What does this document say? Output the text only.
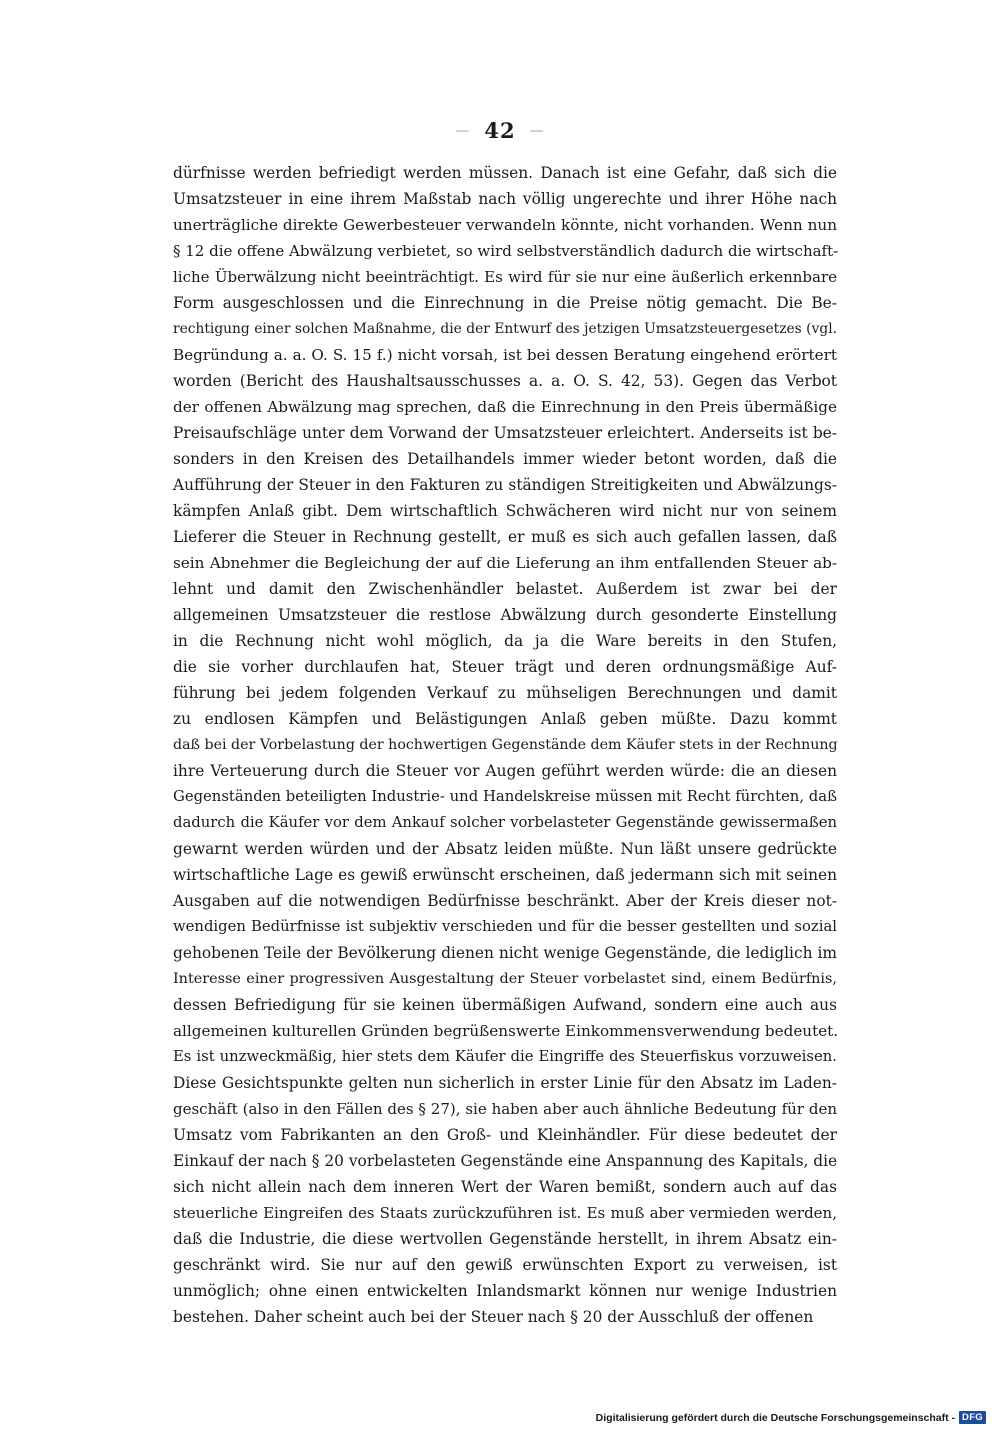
— 42 —
dürfnisse werden befriedigt werden müssen. Danach ist eine Gefahr, daß sich die
Umsatzsteuer in eine ihrem Maßstab nach völlig ungerechte und ihrer Höhe nach
unerträgliche direkte Gewerbesteuer verwandeln könnte, nicht vorhanden. Wenn nun
§ 12 die offene Abwälzung verbietet, so wird selbstverständlich dadurch die wirtschaft-
liche Überwälzung nicht beeinträchtigt. Es wird für sie nur eine äußerlich erkennbare
Form ausgeschlossen und die Einrechnung in die Preise nötig gemacht. Die Be-
rechtigung einer solchen Maßnahme, die der Entwurf des jetzigen Umsatzsteuergesetzes (vgl.
Begründung a. a. O. S. 15 f.) nicht vorsah, ist bei dessen Beratung eingehend erörtert
worden (Bericht des Haushaltsausschusses a. a. O. S. 42, 53). Gegen das Verbot
der offenen Abwälzung mag sprechen, daß die Einrechnung in den Preis übermäßige
Preisaufschläge unter dem Vorwand der Umsatzsteuer erleichtert. Anderseits ist be-
sonders in den Kreisen des Detailhandels immer wieder betont worden, daß die
Aufführung der Steuer in den Fakturen zu ständigen Streitigkeiten und Abwälzungs-
kämpfen Anlaß gibt. Dem wirtschaftlich Schwächeren wird nicht nur von seinem
Lieferer die Steuer in Rechnung gestellt, er muß es sich auch gefallen lassen, daß
sein Abnehmer die Begleichung der auf die Lieferung an ihm entfallenden Steuer ab-
lehnt und damit den Zwischenhändler belastet. Außerdem ist zwar bei der
allgemeinen Umsatzsteuer die restlose Abwälzung durch gesonderte Einstellung
in die Rechnung nicht wohl möglich, da ja die Ware bereits in den Stufen,
die sie vorher durchlaufen hat, Steuer trägt und deren ordnungsmäßige Auf-
führung bei jedem folgenden Verkauf zu mühseligen Berechnungen und damit
zu endlosen Kämpfen und Belästigungen Anlaß geben müßte. Dazu kommt
daß bei der Vorbelastung der hochwertigen Gegenstände dem Käufer stets in der Rechnung
ihre Verteuerung durch die Steuer vor Augen geführt werden würde: die an diesen
Gegenständen beteiligten Industrie- und Handelskreise müssen mit Recht fürchten, daß
dadurch die Käufer vor dem Ankauf solcher vorbelasteter Gegenstände gewissermaßen
gewarnt werden würden und der Absatz leiden müßte. Nun läßt unsere gedrückte
wirtschaftliche Lage es gewiß erwünscht erscheinen, daß jedermann sich mit seinen
Ausgaben auf die notwendigen Bedürfnisse beschränkt. Aber der Kreis dieser not-
wendigen Bedürfnisse ist subjektiv verschieden und für die besser gestellten und sozial
gehobenen Teile der Bevölkerung dienen nicht wenige Gegenstände, die lediglich im
Interesse einer progressiven Ausgestaltung der Steuer vorbelastet sind, einem Bedürfnis,
dessen Befriedigung für sie keinen übermäßigen Aufwand, sondern eine auch aus
allgemeinen kulturellen Gründen begrüßenswerte Einkommensverwendung bedeutet.
Es ist unzweckmäßig, hier stets dem Käufer die Eingriffe des Steuerfiskus vorzuweisen.
Diese Gesichtspunkte gelten nun sicherlich in erster Linie für den Absatz im Laden-
geschäft (also in den Fällen des § 27), sie haben aber auch ähnliche Bedeutung für den
Umsatz vom Fabrikanten an den Groß- und Kleinhändler. Für diese bedeutet der
Einkauf der nach § 20 vorbelasteten Gegenstände eine Anspannung des Kapitals, die
sich nicht allein nach dem inneren Wert der Waren bemißt, sondern auch auf das
steuerliche Eingreifen des Staats zurückzuführen ist. Es muß aber vermieden werden,
daß die Industrie, die diese wertvollen Gegenstände herstellt, in ihrem Absatz ein-
geschränkt wird. Sie nur auf den gewiß erwünschten Export zu verweisen, ist
unmöglich; ohne einen entwickelten Inlandsmarkt können nur wenige Industrien
bestehen. Daher scheint auch bei der Steuer nach § 20 der Ausschluß der offenen
Digitalisierung gefördert durch die Deutsche Forschungsgemeinschaft - DFG
